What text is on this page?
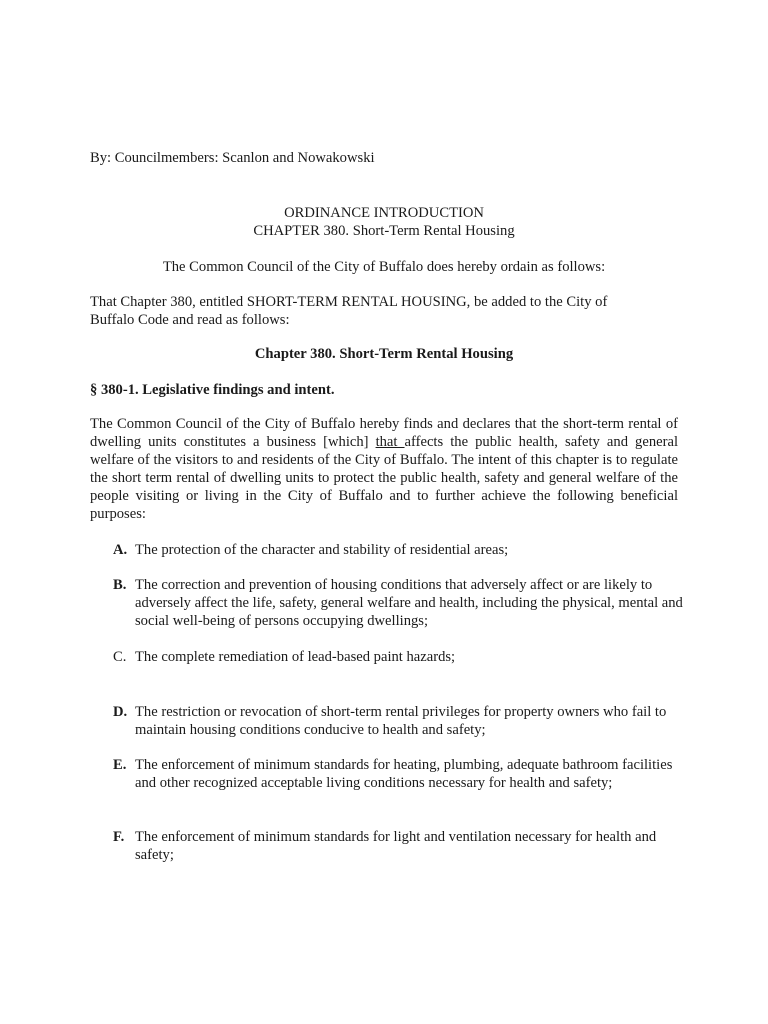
By: Councilmembers: Scanlon and Nowakowski

ORDINANCE INTRODUCTION

CHAPTER 380. Short-Term Rental Housing

The Common Council of the City of Buffalo does hereby ordain as follows:

That Chapter 380, entitled SHORT-TERM RENTAL HOUSING, be added to the City of Buffalo Code and read as follows:

Chapter 380. Short-Term Rental Housing

§ 380-1. Legislative findings and intent.

The Common Council of the City of Buffalo hereby finds and declares that the short-term rental of dwelling units constitutes a business [which] that affects the public health, safety and general welfare of the visitors to and residents of the City of Buffalo. The intent of this chapter is to regulate the short term rental of dwelling units to protect the public health, safety and general welfare of the people visiting or living in the City of Buffalo and to further achieve the following beneficial purposes:

A. The protection of the character and stability of residential areas;
B. The correction and prevention of housing conditions that adversely affect or are likely to adversely affect the life, safety, general welfare and health, including the physical, mental and social well-being of persons occupying dwellings;
C. The complete remediation of lead-based paint hazards;
D. The restriction or revocation of short-term rental privileges for property owners who fail to maintain housing conditions conducive to health and safety;
E. The enforcement of minimum standards for heating, plumbing, adequate bathroom facilities and other recognized acceptable living conditions necessary for health and safety;
F. The enforcement of minimum standards for light and ventilation necessary for health and safety;
